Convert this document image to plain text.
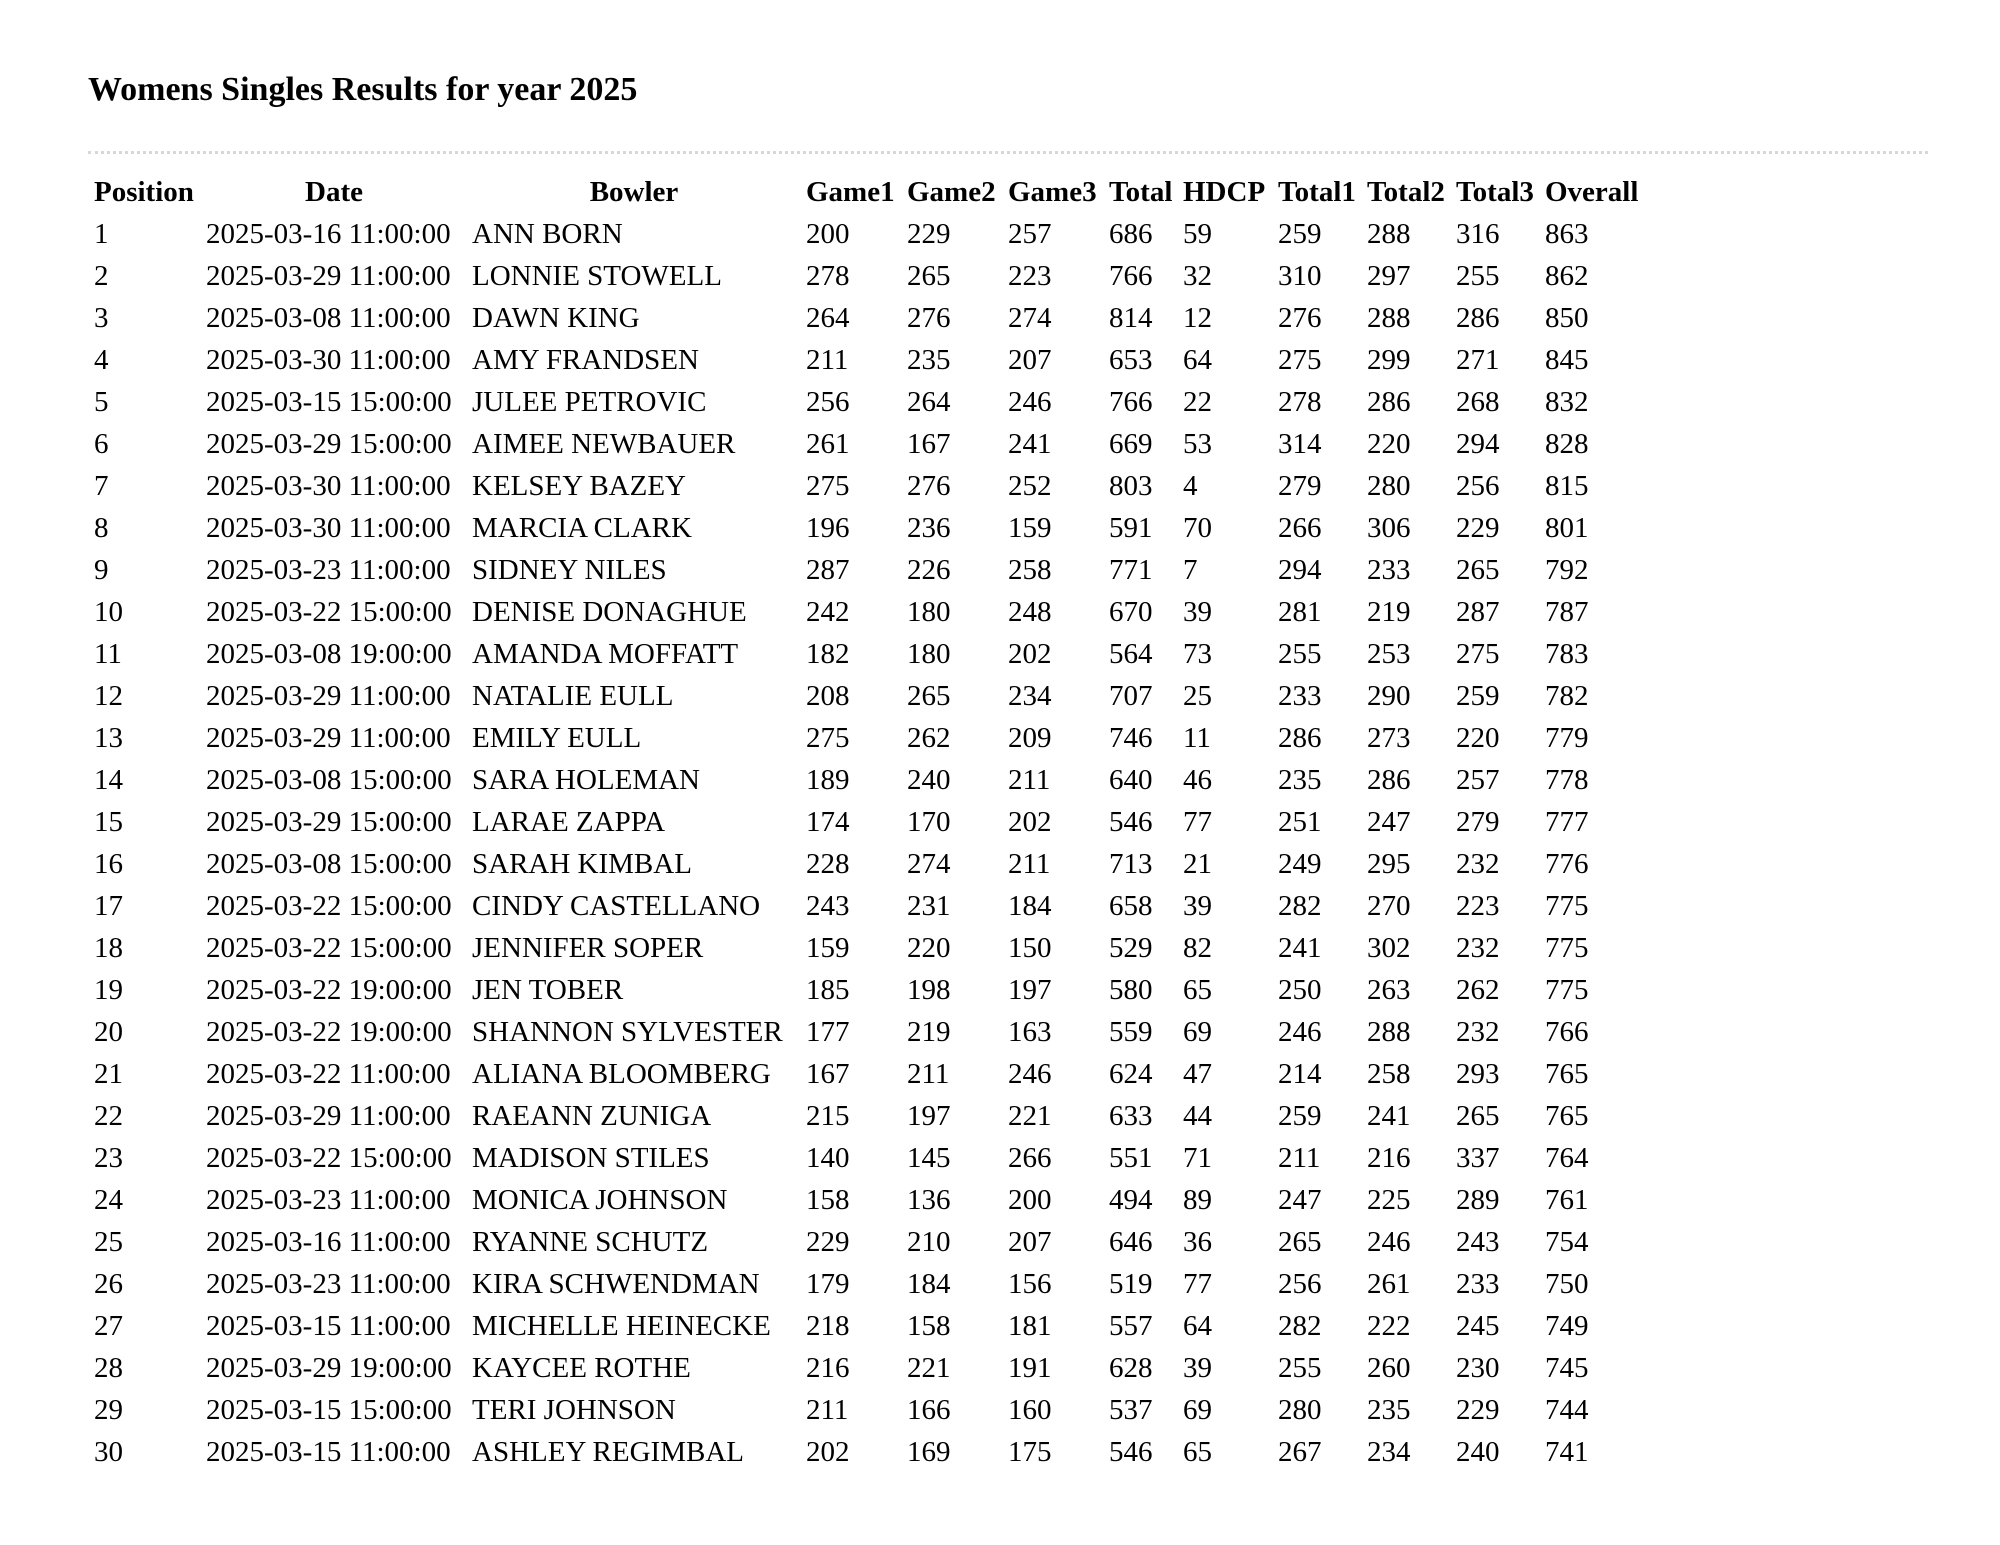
Womens Singles Results for year 2025
Position	Date	Bowler	Game1	Game2	Game3	Total	HDCP	Total1	Total2	Total3	Overall
1	2025-03-16 11:00:00	ANN BORN	200	229	257	686	59	259	288	316	863
2	2025-03-29 11:00:00	LONNIE STOWELL	278	265	223	766	32	310	297	255	862
3	2025-03-08 11:00:00	DAWN KING	264	276	274	814	12	276	288	286	850
4	2025-03-30 11:00:00	AMY FRANDSEN	211	235	207	653	64	275	299	271	845
5	2025-03-15 15:00:00	JULEE PETROVIC	256	264	246	766	22	278	286	268	832
6	2025-03-29 15:00:00	AIMEE NEWBAUER	261	167	241	669	53	314	220	294	828
7	2025-03-30 11:00:00	KELSEY BAZEY	275	276	252	803	4	279	280	256	815
8	2025-03-30 11:00:00	MARCIA CLARK	196	236	159	591	70	266	306	229	801
9	2025-03-23 11:00:00	SIDNEY NILES	287	226	258	771	7	294	233	265	792
10	2025-03-22 15:00:00	DENISE DONAGHUE	242	180	248	670	39	281	219	287	787
11	2025-03-08 19:00:00	AMANDA MOFFATT	182	180	202	564	73	255	253	275	783
12	2025-03-29 11:00:00	NATALIE EULL	208	265	234	707	25	233	290	259	782
13	2025-03-29 11:00:00	EMILY EULL	275	262	209	746	11	286	273	220	779
14	2025-03-08 15:00:00	SARA HOLEMAN	189	240	211	640	46	235	286	257	778
15	2025-03-29 15:00:00	LARAE ZAPPA	174	170	202	546	77	251	247	279	777
16	2025-03-08 15:00:00	SARAH KIMBAL	228	274	211	713	21	249	295	232	776
17	2025-03-22 15:00:00	CINDY CASTELLANO	243	231	184	658	39	282	270	223	775
18	2025-03-22 15:00:00	JENNIFER SOPER	159	220	150	529	82	241	302	232	775
19	2025-03-22 19:00:00	JEN TOBER	185	198	197	580	65	250	263	262	775
20	2025-03-22 19:00:00	SHANNON SYLVESTER	177	219	163	559	69	246	288	232	766
21	2025-03-22 11:00:00	ALIANA BLOOMBERG	167	211	246	624	47	214	258	293	765
22	2025-03-29 11:00:00	RAEANN ZUNIGA	215	197	221	633	44	259	241	265	765
23	2025-03-22 15:00:00	MADISON STILES	140	145	266	551	71	211	216	337	764
24	2025-03-23 11:00:00	MONICA JOHNSON	158	136	200	494	89	247	225	289	761
25	2025-03-16 11:00:00	RYANNE SCHUTZ	229	210	207	646	36	265	246	243	754
26	2025-03-23 11:00:00	KIRA SCHWENDMAN	179	184	156	519	77	256	261	233	750
27	2025-03-15 11:00:00	MICHELLE HEINECKE	218	158	181	557	64	282	222	245	749
28	2025-03-29 19:00:00	KAYCEE ROTHE	216	221	191	628	39	255	260	230	745
29	2025-03-15 15:00:00	TERI JOHNSON	211	166	160	537	69	280	235	229	744
30	2025-03-15 11:00:00	ASHLEY REGIMBAL	202	169	175	546	65	267	234	240	741
